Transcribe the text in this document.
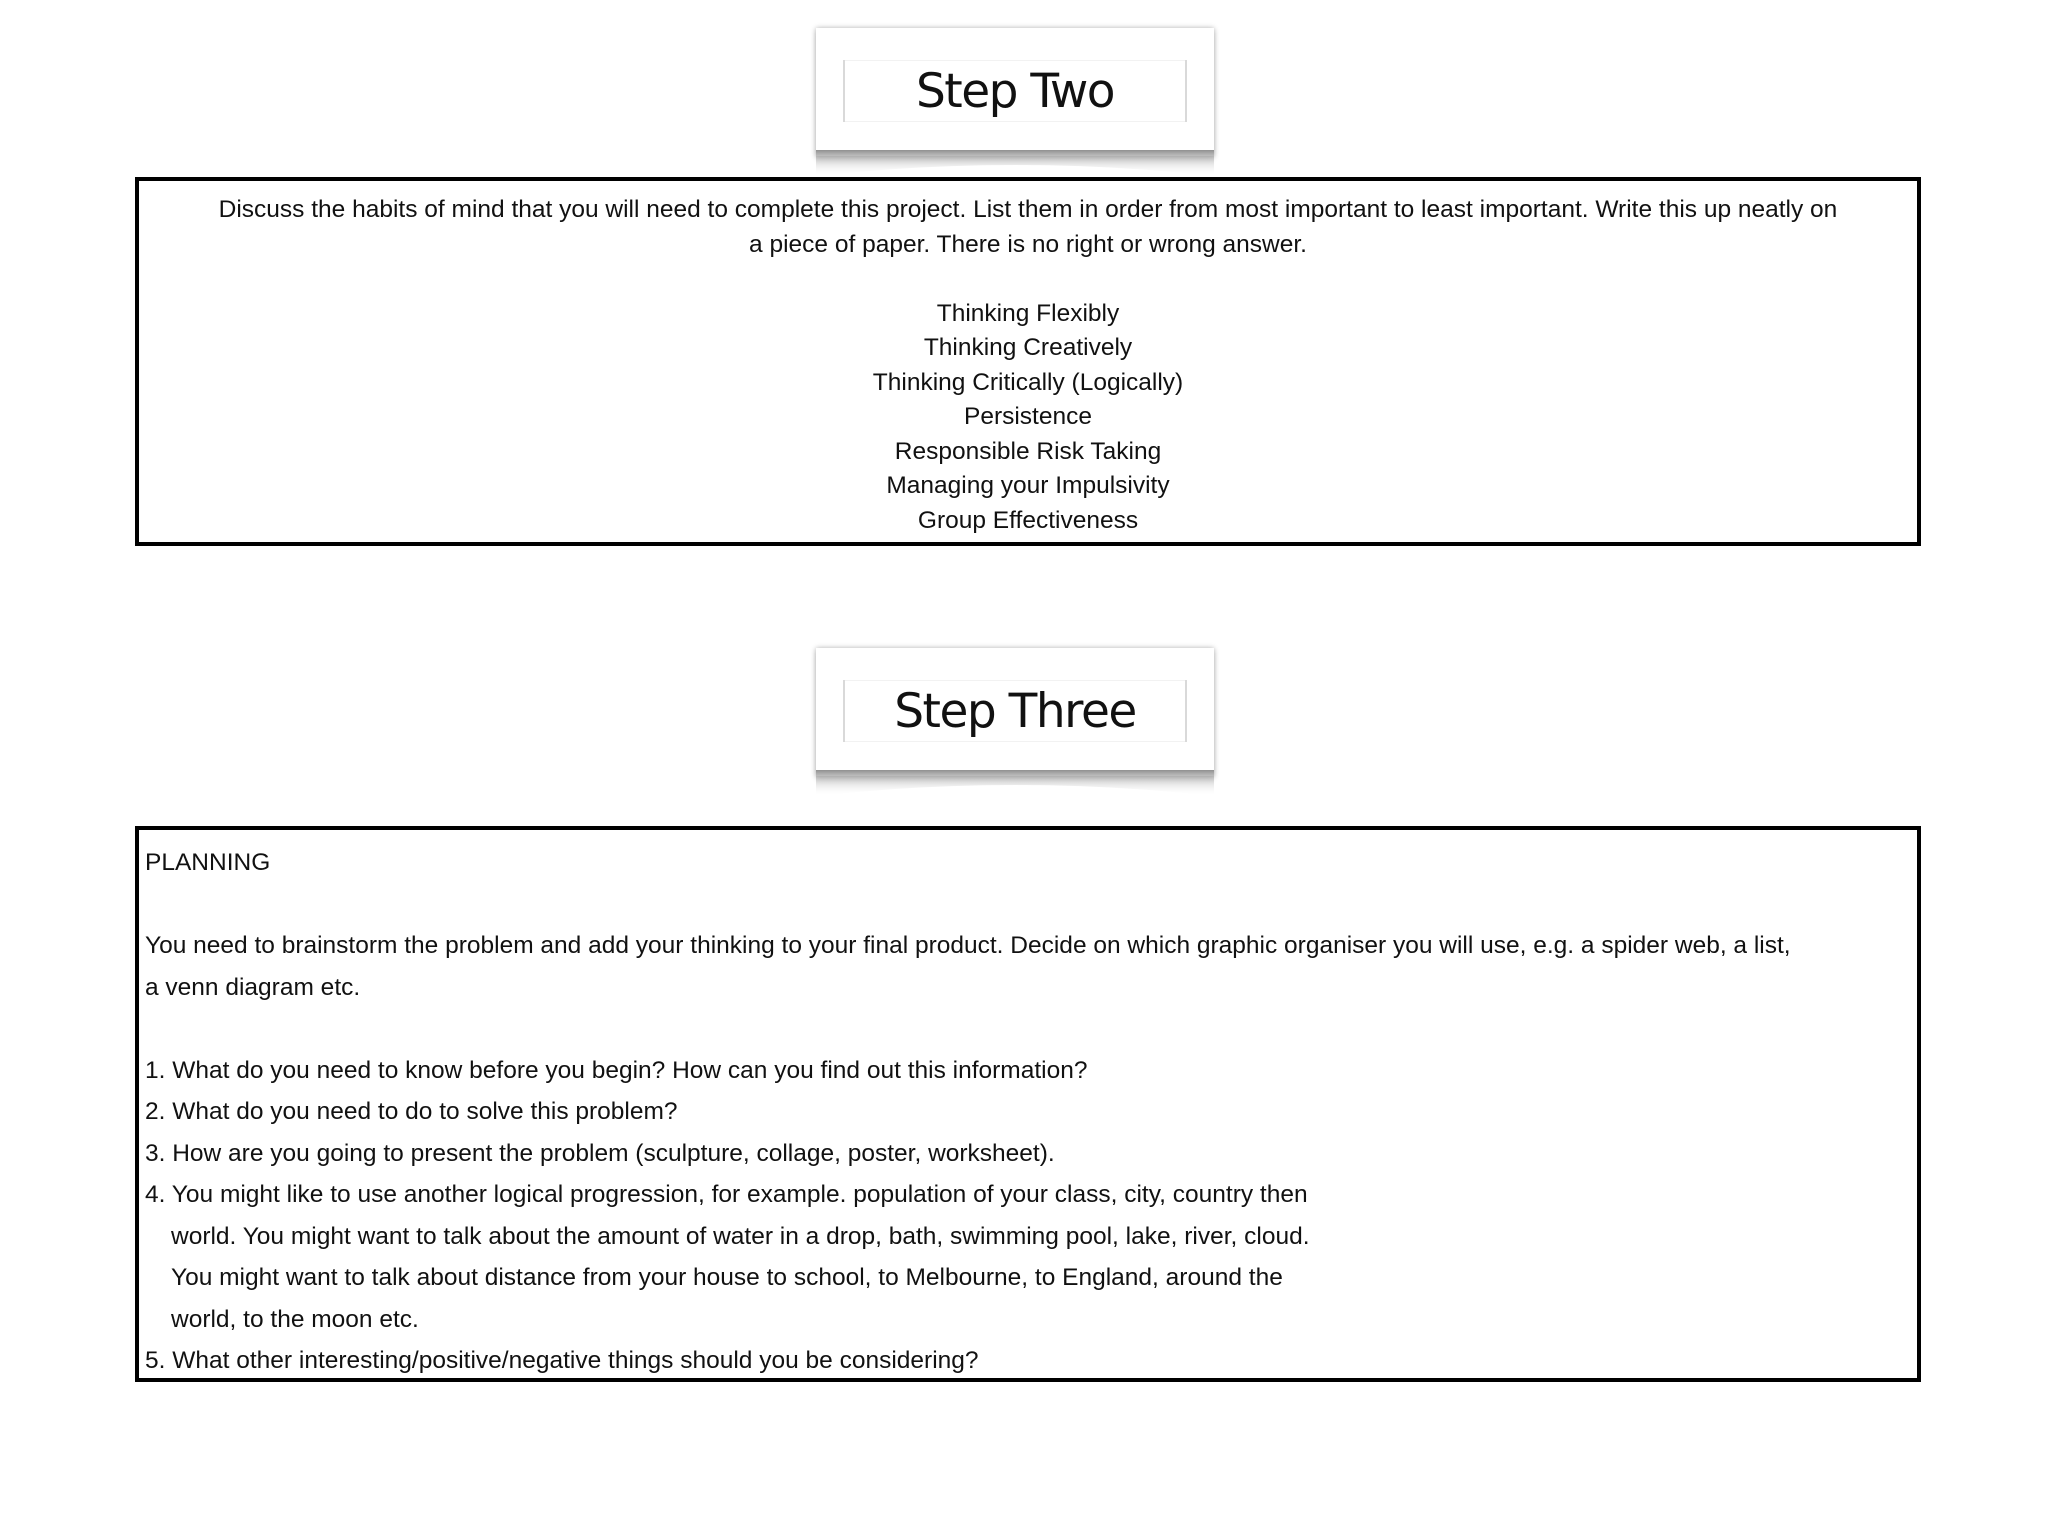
Step Two

Discuss the habits of mind that you will need to complete this project. List them in order from most important to least important. Write this up neatly on
a piece of paper. There is no right or wrong answer.

Thinking Flexibly
Thinking Creatively
Thinking Critically (Logically)
Persistence
Responsible Risk Taking
Managing your Impulsivity
Group Effectiveness
Step Three

PLANNING

You need to brainstorm the problem and add your thinking to your final product. Decide on which graphic organiser you will use, e.g. a spider web, a list,
a venn diagram etc.

1. What do you need to know before you begin? How can you find out this information?
2. What do you need to do to solve this problem?
3. How are you going to present the problem (sculpture, collage, poster, worksheet).
4. You might like to use another logical progression, for example. population of your class, city, country then
world. You might want to talk about the amount of water in a drop, bath, swimming pool, lake, river, cloud.
You might want to talk about distance from your house to school, to Melbourne, to England, around the
world, to the moon etc.
5. What other interesting/positive/negative things should you be considering?
